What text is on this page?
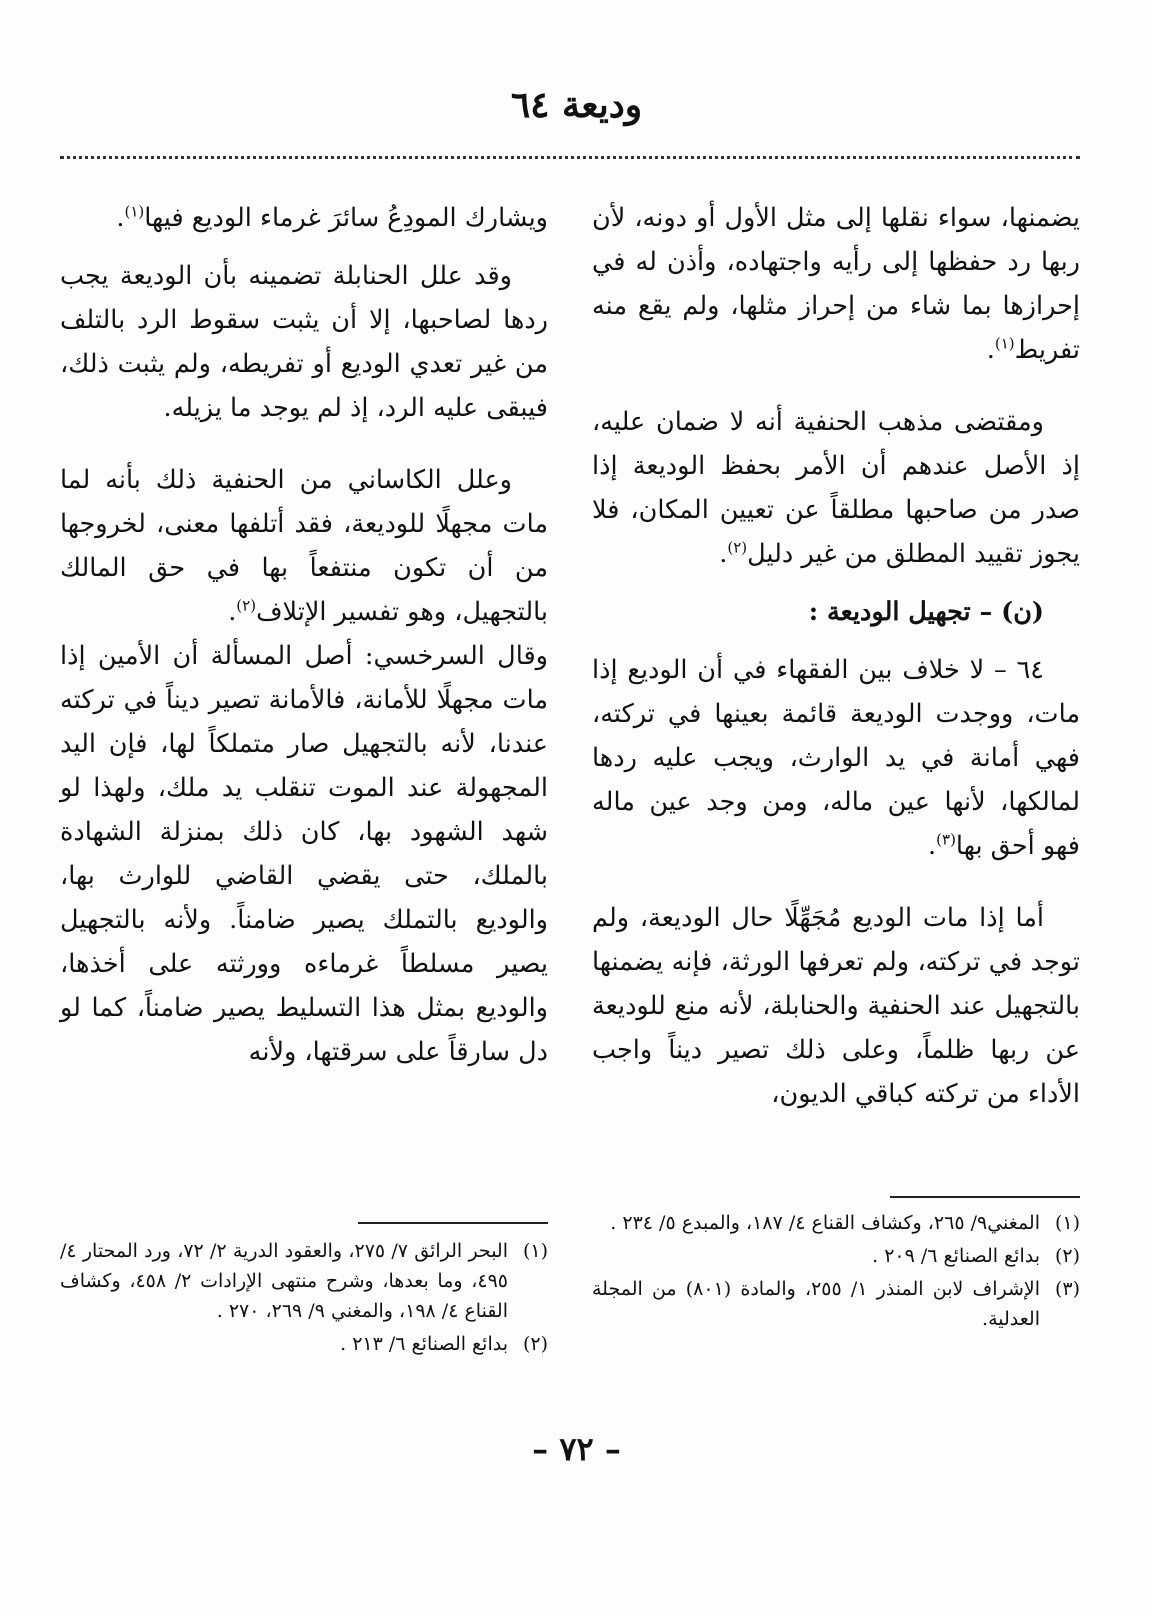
وديعة ٦٤

يضمنها، سواء نقلها إلى مثل الأول أو دونه، لأن ربها رد حفظها إلى رأيه واجتهاده، وأذن له في إحرازها بما شاء من إحراز مثلها، ولم يقع منه تفريط$^{(١)}$.

ومقتضى مذهب الحنفية أنه لا ضمان عليه، إذ الأصل عندهم أن الأمر بحفظ الوديعة إذا صدر من صاحبها مطلقاً عن تعيين المكان، فلا يجوز تقييد المطلق من غير دليل$^{(٢)}$.

(ن) – تجهيل الوديعة :

٦٤ – لا خلاف بين الفقهاء في أن الوديع إذا مات، ووجدت الوديعة قائمة بعينها في تركته، فهي أمانة في يد الوارث، ويجب عليه ردها لمالكها، لأنها عين ماله، ومن وجد عين ماله فهو أحق بها$^{(٣)}$.

أما إذا مات الوديع مُجَهِّلًا حال الوديعة، ولم توجد في تركته، ولم تعرفها الورثة، فإنه يضمنها بالتجهيل عند الحنفية والحنابلة، لأنه منع للوديعة عن ربها ظلماً، وعلى ذلك تصير ديناً واجب الأداء من تركته كباقي الديون،

ويشارك المودِعُ سائرَ غرماء الوديع فيها$^{(١)}$.

وقد علل الحنابلة تضمينه بأن الوديعة يجب ردها لصاحبها، إلا أن يثبت سقوط الرد بالتلف من غير تعدي الوديع أو تفريطه، ولم يثبت ذلك، فيبقى عليه الرد، إذ لم يوجد ما يزيله.

وعلل الكاساني من الحنفية ذلك بأنه لما مات مجهلًا للوديعة، فقد أتلفها معنى، لخروجها من أن تكون منتفعاً بها في حق المالك بالتجهيل، وهو تفسير الإتلاف$^{(٢)}$.

وقال السرخسي: أصل المسألة أن الأمين إذا مات مجهلًا للأمانة، فالأمانة تصير ديناً في تركته عندنا، لأنه بالتجهيل صار متملكاً لها، فإن اليد المجهولة عند الموت تنقلب يد ملك، ولهذا لو شهد الشهود بها، كان ذلك بمنزلة الشهادة بالملك، حتى يقضي القاضي للوارث بها، والوديع بالتملك يصير ضامناً. ولأنه بالتجهيل يصير مسلطاً غرماءه وورثته على أخذها، والوديع بمثل هذا التسليط يصير ضامناً، كما لو دل سارقاً على سرقتها، ولأنه

(١)
المغني٩/ ٢٦٥، وكشاف القناع ٤/ ١٨٧، والمبدع ٥/ ٢٣٤ .
(٢)
بدائع الصنائع ٦/ ٢٠٩ .
(٣)
الإشراف لابن المنذر ١/ ٢٥٥، والمادة (٨٠١) من المجلة العدلية.
(١)
البحر الرائق ٧/ ٢٧٥، والعقود الدرية ٢/ ٧٢، ورد المحتار ٤/ ٤٩٥، وما بعدها، وشرح منتهى الإرادات ٢/ ٤٥٨، وكشاف القناع ٤/ ١٩٨، والمغني ٩/ ٢٦٩، ٢٧٠ .
(٢)
بدائع الصنائع ٦/ ٢١٣ .
– ٧٢ –
